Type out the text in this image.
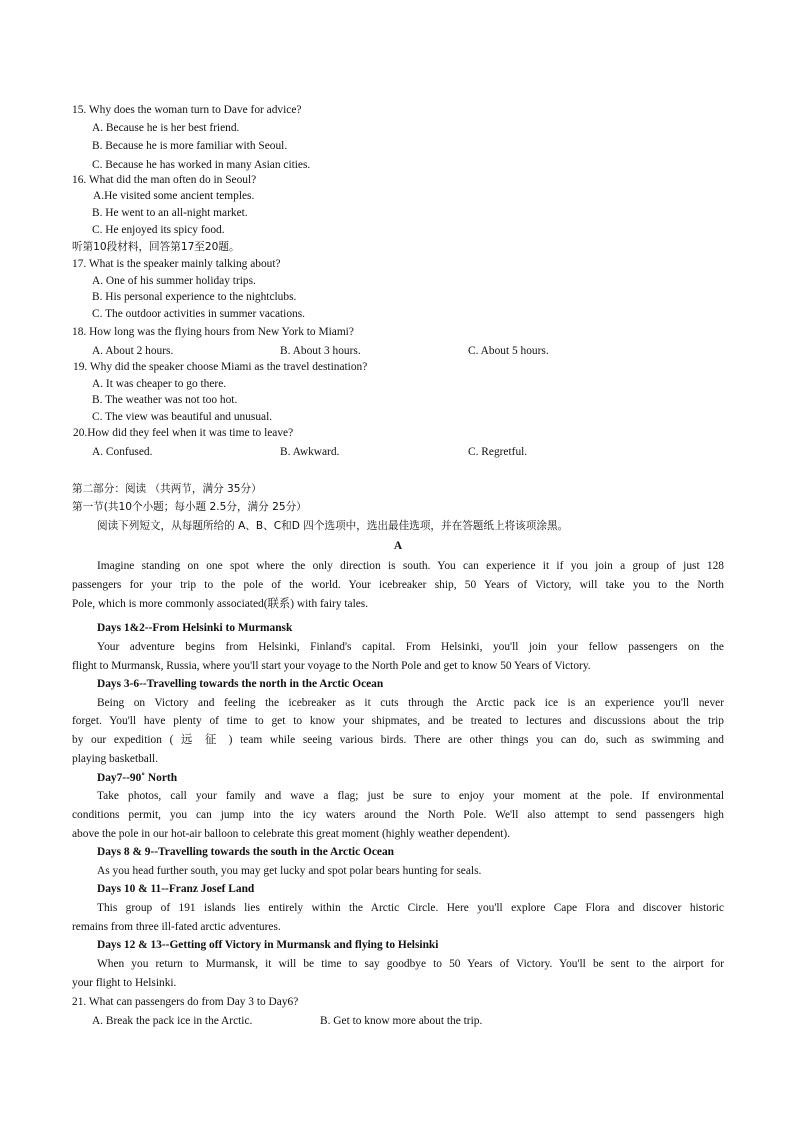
15. Why does the woman turn to Dave for advice?
A. Because he is her best friend.
B. Because he is more familiar with Seoul.
C. Because he has worked in many Asian cities.
16. What did the man often do in Seoul?
A.He visited some ancient temples.
B. He went to an all-night market.
C. He enjoyed its spicy food.
听第10段材料，回答第17至20题。
17. What is the speaker mainly talking about?
A. One of his summer holiday trips.
B. His personal experience to the nightclubs.
C. The outdoor activities in summer vacations.
18. How long was the flying hours from New York to Miami?
A. About 2 hours.	B. About 3 hours.	C. About 5 hours.
19. Why did the speaker choose Miami as the travel destination?
A. It was cheaper to go there.
B. The weather was not too hot.
C. The view was beautiful and unusual.
20.How did they feel when it was time to leave?
A. Confused.	B. Awkward.	C. Regretful.
第二部分：阅读 （共两节，满分 35分）
第一节(共10个小题；每小题 2.5分，满分 25分）
阅读下列短文，从每题所给的 A、B、C和D 四个选项中，选出最佳选项，并在答题纸上将该项涂黑。
A
Imagine standing on one spot where the only direction is south. You can experience it if you join a group of just 128
passengers for your trip to the pole of the world. Your icebreaker ship, 50 Years of Victory, will take you to the North
Pole, which is more commonly associated(联系) with fairy tales.
Days 1&2--From Helsinki to Murmansk
Your adventure begins from Helsinki, Finland's capital. From Helsinki, you'll join your fellow passengers on the
flight to Murmansk, Russia, where you'll start your voyage to the North Pole and get to know 50 Years of Victory.
Days 3-6--Travelling towards the north in the Arctic Ocean
Being on Victory and feeling the icebreaker as it cuts through the Arctic pack ice is an experience you'll never
forget. You'll have plenty of time to get to know your shipmates, and be treated to lectures and discussions about the trip
by our expedition ( 远 征 ) team while seeing various birds. There are other things you can do, such as swimming and
playing basketball.
Day7--90˚ North
Take photos, call your family and wave a flag; just be sure to enjoy your moment at the pole. If environmental
conditions permit, you can jump into the icy waters around the North Pole. We'll also attempt to send passengers high
above the pole in our hot-air balloon to celebrate this great moment (highly weather dependent).
Days 8 & 9--Travelling towards the south in the Arctic Ocean
As you head further south, you may get lucky and spot polar bears hunting for seals.
Days 10 & 11--Franz Josef Land
This group of 191 islands lies entirely within the Arctic Circle. Here you'll explore Cape Flora and discover historic
remains from three ill-fated arctic adventures.
Days 12 & 13--Getting off Victory in Murmansk and flying to Helsinki
When you return to Murmansk, it will be time to say goodbye to 50 Years of Victory. You'll be sent to the airport for
your flight to Helsinki.
21. What can passengers do from Day 3 to Day6?
A. Break the pack ice in the Arctic.	B. Get to know more about the trip.
